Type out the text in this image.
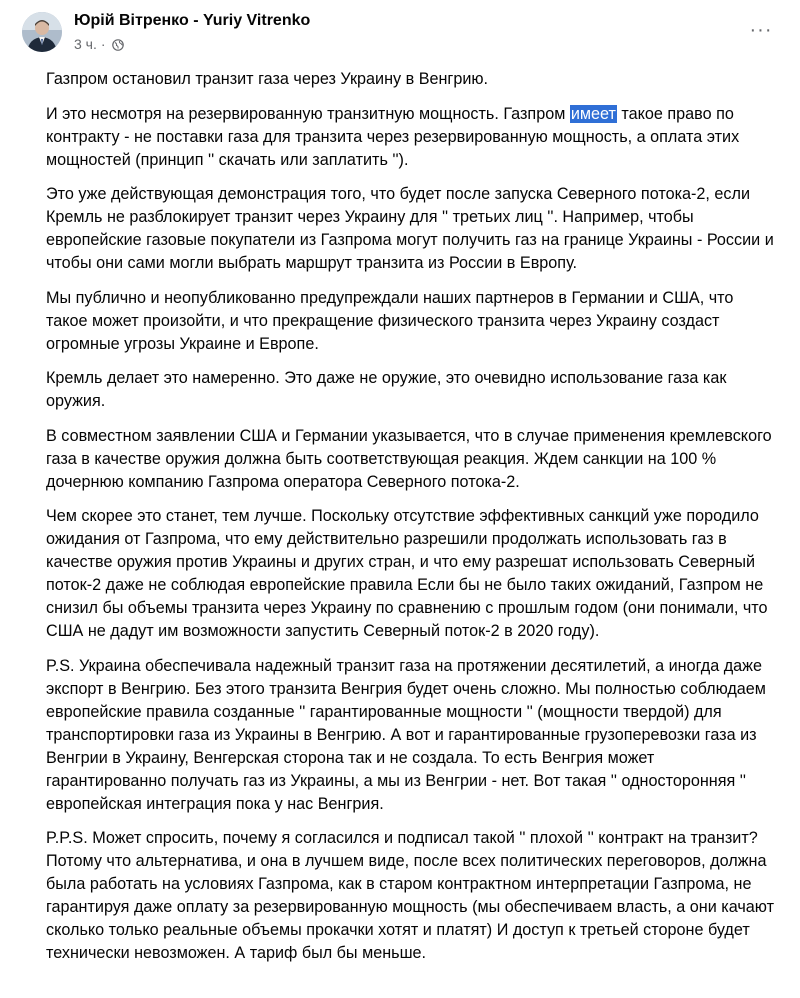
Юрій Вітренко - Yuriy Vitrenko
3 ч. ·
···

Газпром остановил транзит газа через Украину в Венгрию.

И это несмотря на резервированную транзитную мощность. Газпром имеет такое право по контракту - не поставки газа для транзита через резервированную мощность, а оплата этих мощностей (принцип '' скачать или заплатить '').

Это уже действующая демонстрация того, что будет после запуска Северного потока-2, если Кремль не разблокирует транзит через Украину для '' третьих лиц ''. Например, чтобы европейские газовые покупатели из Газпрома могут получить газ на границе Украины - России и чтобы они сами могли выбрать маршрут транзита из России в Европу.

Мы публично и неопубликованно предупреждали наших партнеров в Германии и США, что такое может произойти, и что прекращение физического транзита через Украину создаст огромные угрозы Украине и Европе.

Кремль делает это намеренно. Это даже не оружие, это очевидно использование газа как оружия.

В совместном заявлении США и Германии указывается, что в случае применения кремлевского газа в качестве оружия должна быть соответствующая реакция. Ждем санкции на 100 % дочернюю компанию Газпрома оператора Северного потока-2.

Чем скорее это станет, тем лучше. Поскольку отсутствие эффективных санкций уже породило ожидания от Газпрома, что ему действительно разрешили продолжать использовать газ в качестве оружия против Украины и других стран, и что ему разрешат использовать Северный поток-2 даже не соблюдая европейские правила Если бы не было таких ожиданий, Газпром не снизил бы объемы транзита через Украину по сравнению с прошлым годом (они понимали, что США не дадут им возможности запустить Северный поток-2 в 2020 году).

P.S. Украина обеспечивала надежный транзит газа на протяжении десятилетий, а иногда даже экспорт в Венгрию. Без этого транзита Венгрия будет очень сложно. Мы полностью соблюдаем европейские правила созданные '' гарантированные мощности '' (мощности твердой) для транспортировки газа из Украины в Венгрию. А вот и гарантированные грузоперевозки газа из Венгрии в Украину, Венгерская сторона так и не создала. То есть Венгрия может гарантированно получать газ из Украины, а мы из Венгрии - нет. Вот такая '' односторонняя '' европейская интеграция пока у нас Венгрия.

P.P.S. Может спросить, почему я согласился и подписал такой '' плохой '' контракт на транзит? Потому что альтернатива, и она в лучшем виде, после всех политических переговоров, должна была работать на условиях Газпрома, как в старом контрактном интерпретации Газпрома, не гарантируя даже оплату за резервированную мощность (мы обеспечиваем власть, а они качают сколько только реальные объемы прокачки хотят и платят) И доступ к третьей стороне будет технически невозможен. А тариф был бы меньше.
